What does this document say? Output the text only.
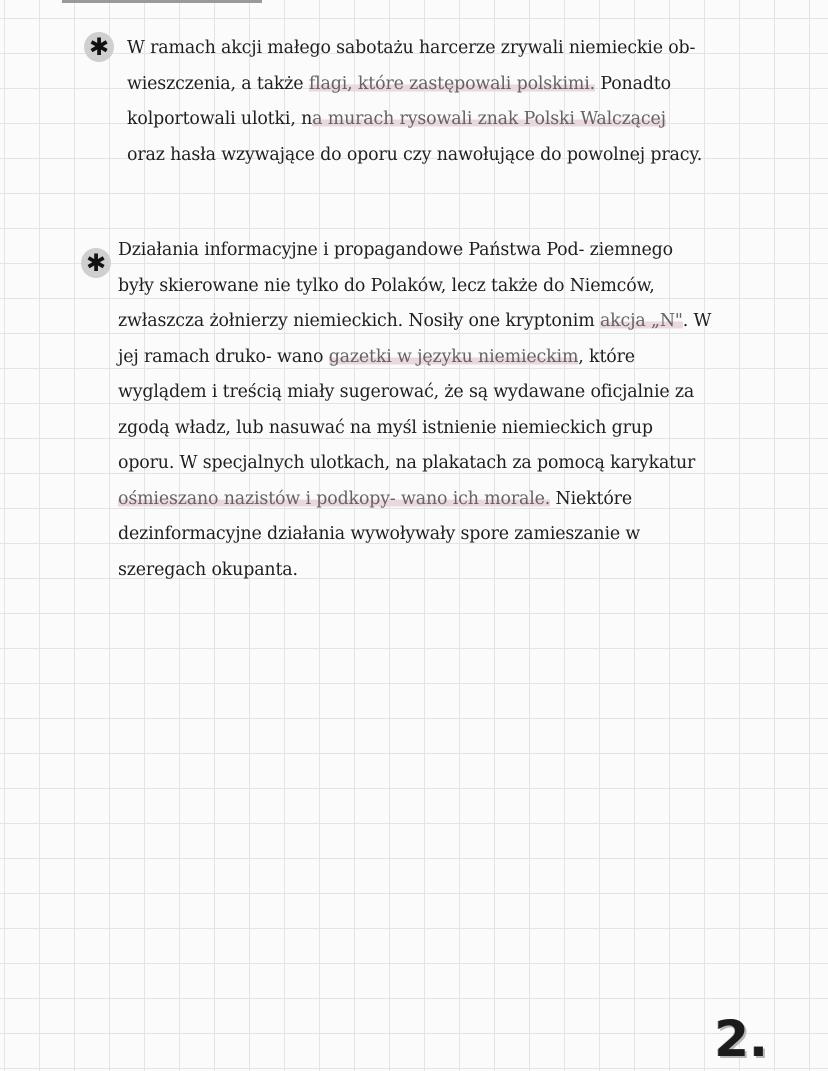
✱ W ramach akcji małego sabotażu harcerze zrywali niemieckie ob-
wieszczenia, a także flagi, które zastępowali polskimi. Ponadto
kolportowali ulotki, na murach rysowali znak Polski Walczącej
oraz hasła wzywające do oporu czy nawołujące do powolnej pracy.

✱ Działania informacyjne i propagandowe Państwa Pod- ziemnego
były skierowane nie tylko do Polaków, lecz także do Niemców,
zwłaszcza żołnierzy niemieckich. Nosiły one kryptonim akcja „N". W
jej ramach druko- wano gazetki w języku niemieckim, które
wyglądem i treścią miały sugerować, że są wydawane oficjalnie za
zgodą władz, lub nasuwać na myśl istnienie niemieckich grup
oporu. W specjalnych ulotkach, na plakatach za pomocą karykatur
ośmieszano nazistów i podkopy- wano ich morale. Niektóre
dezinformacyjne działania wywoływały spore zamieszanie w
szeregach okupanta.

2.
